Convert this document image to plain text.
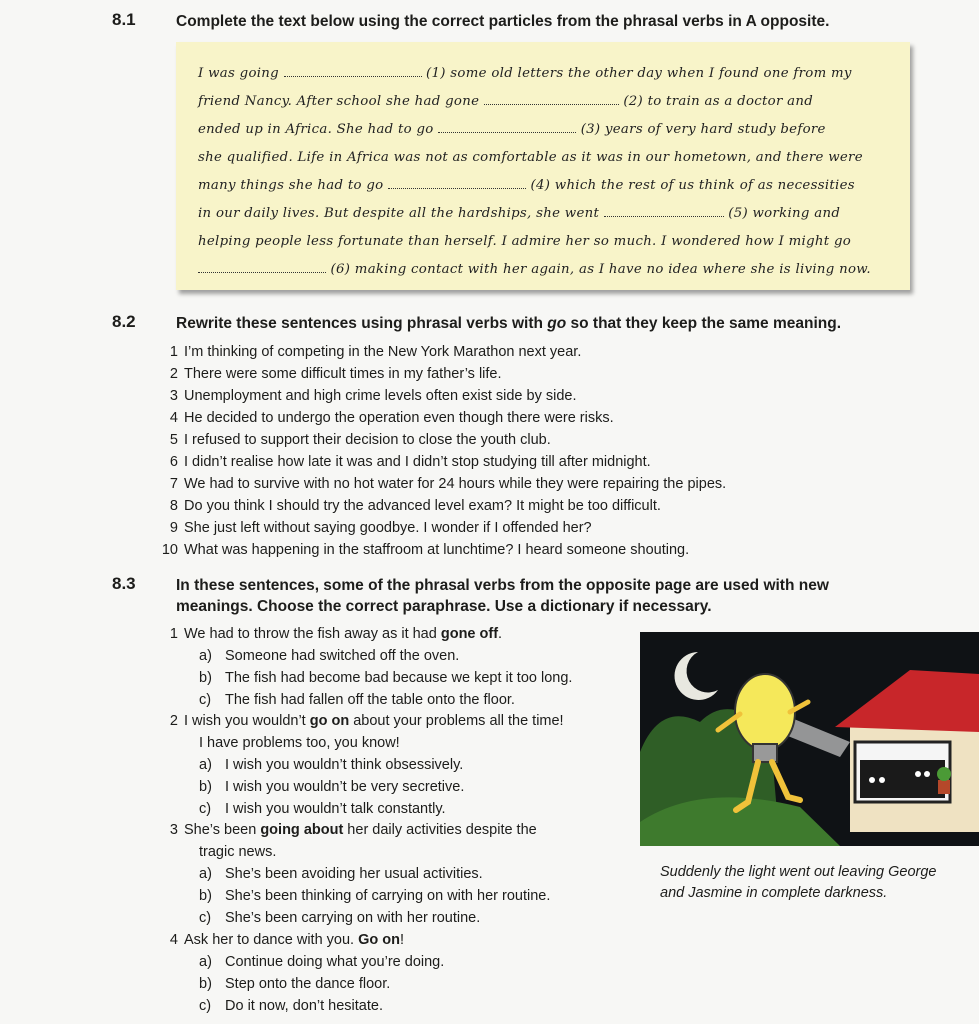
8.1	Complete the text below using the correct particles from the phrasal verbs in A opposite.
I was going	(1) some old letters the other day when I found one from my
friend Nancy. After school she had gone	(2) to train as a doctor and
ended up in Africa. She had to go	(3) years of very hard study before
she qualified. Life in Africa was not as comfortable as it was in our hometown, and there were
many things she had to go	(4) which the rest of us think of as necessities
in our daily lives. But despite all the hardships, she went	(5) working and
helping people less fortunate than herself. I admire her so much. I wondered how I might go
(6) making contact with her again, as I have no idea where she is living now.
8.2	Rewrite these sentences using phrasal verbs with go so that they keep the same meaning.
1 I’m thinking of competing in the New York Marathon next year.
2 There were some difficult times in my father’s life.
3 Unemployment and high crime levels often exist side by side.
4 He decided to undergo the operation even though there were risks.
5 I refused to support their decision to close the youth club.
6 I didn’t realise how late it was and I didn’t stop studying till after midnight.
7 We had to survive with no hot water for 24 hours while they were repairing the pipes.
8 Do you think I should try the advanced level exam? It might be too difficult.
9 She just left without saying goodbye. I wonder if I offended her?
10 What was happening in the staffroom at lunchtime? I heard someone shouting.
8.3	In these sentences, some of the phrasal verbs from the opposite page are used with new
meanings. Choose the correct paraphrase. Use a dictionary if necessary.
1 We had to throw the fish away as it had gone off.
a) Someone had switched off the oven.
b) The fish had become bad because we kept it too long.
c) The fish had fallen off the table onto the floor.
2 I wish you wouldn’t go on about your problems all the time!
I have problems too, you know!
a) I wish you wouldn’t think obsessively.
b) I wish you wouldn’t be very secretive.
c) I wish you wouldn’t talk constantly.
3 She’s been going about her daily activities despite the
tragic news.
a) She’s been avoiding her usual activities.
b) She’s been thinking of carrying on with her routine.
c) She’s been carrying on with her routine.
4 Ask her to dance with you. Go on!
a) Continue doing what you’re doing.
b) Step onto the dance floor.
c) Do it now, don’t hesitate.
Suddenly the light went out leaving George and Jasmine in complete darkness.
